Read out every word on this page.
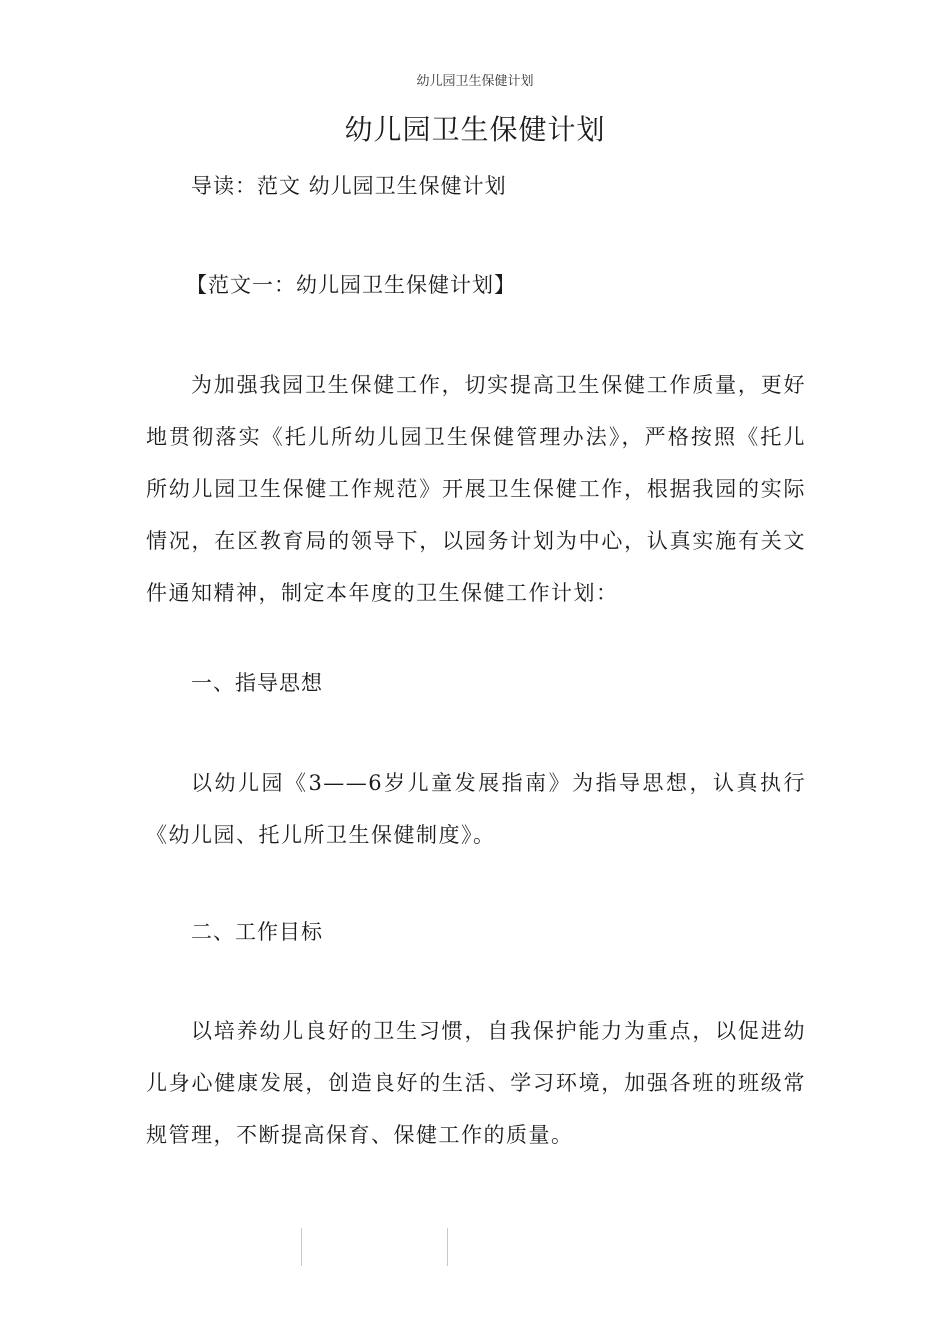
幼儿园卫生保健计划
幼儿园卫生保健计划

导读：范文 幼儿园卫生保健计划

【范文一：幼儿园卫生保健计划】

为加强我园卫生保健工作，切实提高卫生保健工作质量，更好地贯彻落实《托儿所幼儿园卫生保健管理办法》，严格按照《托儿所幼儿园卫生保健工作规范》开展卫生保健工作，根据我园的实际情况，在区教育局的领导下，以园务计划为中心，认真实施有关文件通知精神，制定本年度的卫生保健工作计划：

一、指导思想

以幼儿园《3——6岁儿童发展指南》为指导思想，认真执行《幼儿园、托儿所卫生保健制度》。

二、工作目标

以培养幼儿良好的卫生习惯，自我保护能力为重点，以促进幼儿身心健康发展，创造良好的生活、学习环境，加强各班的班级常规管理，不断提高保育、保健工作的质量。
